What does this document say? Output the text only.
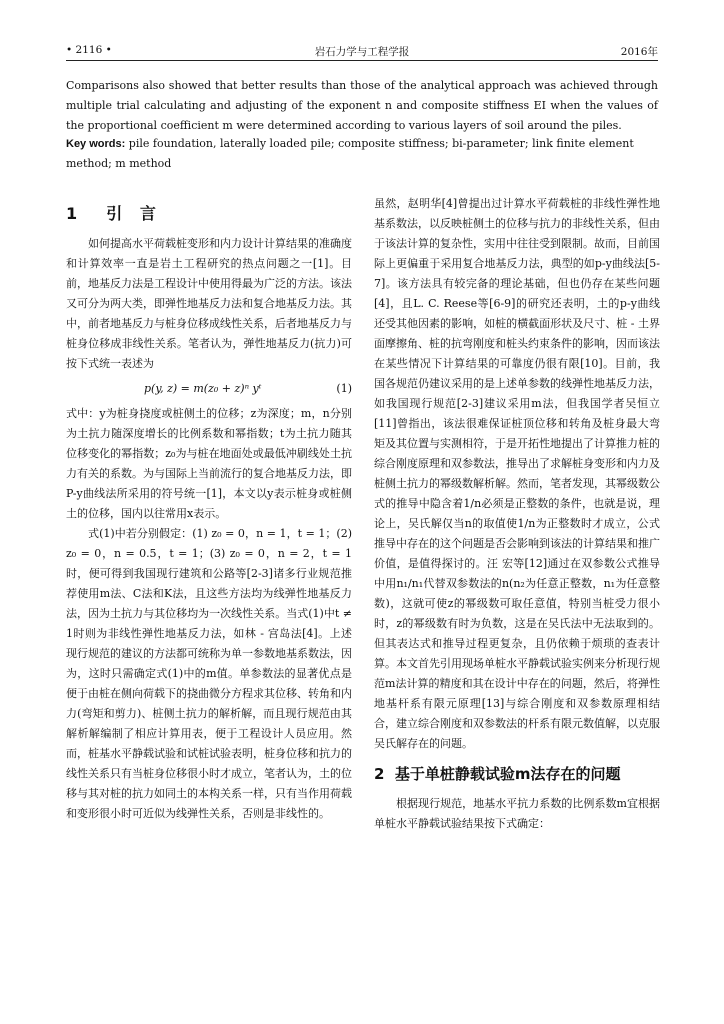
• 2116 •	岩石力学与工程学报	2016年
Comparisons also showed that better results than those of the analytical approach was achieved through multiple trial calculating and adjusting of the exponent n and composite stiffness EI when the values of the proportional coefficient m were determined according to various layers of soil around the piles.
Key words: pile foundation, laterally loaded pile; composite stiffness; bi-parameter; link finite element method; m method
1 引 言

如何提高水平荷载桩变形和内力设计计算结果的准确度和计算效率一直是岩土工程研究的热点问题之一[1]。目前，地基反力法是工程设计中使用得最为广泛的方法。该法又可分为两大类，即弹性地基反力法和复合地基反力法。其中，前者地基反力与桩身位移成线性关系，后者地基反力与桩身位移成非线性关系。笔者认为，弹性地基反力(抗力)可按下式统一表述为

p(y, z) = m(z₀ + z)ⁿ yᵗ	(1)

式中：y为桩身挠度或桩侧土的位移；z为深度；m，n分别为土抗力随深度增长的比例系数和幂指数；t为土抗力随其位移变化的幂指数；z₀为与桩在地面处或最低冲刷线处土抗力有关的系数。为与国际上当前流行的复合地基反力法，即P-y曲线法所采用的符号统一[1]，本文以y表示桩身或桩侧土的位移，国内以往常用x表示。

式(1)中若分别假定：(1) z₀ = 0，n = 1，t = 1；(2) z₀ = 0，n = 0.5，t = 1；(3) z₀ = 0，n = 2，t = 1时，便可得到我国现行建筑和公路等[2-3]诸多行业规范推荐使用m法、C法和K法，且这些方法均为线弹性地基反力法，因为土抗力与其位移均为一次线性关系。当式(1)中t ≠ 1时则为非线性弹性地基反力法，如林 - 宫岛法[4]。上述现行规范的建议的方法都可统称为单一参数地基系数法，因为，这时只需确定式(1)中的m值。单参数法的显著优点是便于由桩在侧向荷载下的挠曲微分方程求其位移、转角和内力(弯矩和剪力)、桩侧土抗力的解析解，而且现行规范由其解析解编制了相应计算用表，便于工程设计人员应用。然而，桩基水平静载试验和试桩试验表明，桩身位移和抗力的线性关系只有当桩身位移很小时才成立，笔者认为，土的位移与其对桩的抗力如同土的本构关系一样，只有当作用荷载和变形很小时可近似为线弹性关系，否则是非线性的。

虽然，赵明华[4]曾提出过计算水平荷载桩的非线性弹性地基系数法，以反映桩侧土的位移与抗力的非线性关系，但由于该法计算的复杂性，实用中往往受到限制。故而，目前国际上更偏重于采用复合地基反力法，典型的如p-y曲线法[5-7]。该方法具有较完备的理论基础，但也仍存在某些问题[4]，且L. C. Reese等[6-9]的研究还表明，土的p-y曲线还受其他因素的影响，如桩的横截面形状及尺寸、桩 - 土界面摩擦角、桩的抗弯刚度和桩头约束条件的影响，因而该法在某些情况下计算结果的可靠度仍很有限[10]。目前，我国各规范仍建议采用的是上述单参数的线弹性地基反力法，如我国现行规范[2-3]建议采用m法，但我国学者吴恒立[11]曾指出，该法很难保证桩顶位移和转角及桩身最大弯矩及其位置与实测相符，于是开拓性地提出了计算推力桩的综合刚度原理和双参数法，推导出了求解桩身变形和内力及桩侧土抗力的幂级数解析解。然而，笔者发现，其幂级数公式的推导中隐含着1/n必须是正整数的条件，也就是说，理论上，吴氏解仅当n的取值使1/n为正整数时才成立，公式推导中存在的这个问题是否会影响到该法的计算结果和推广价值，是值得探讨的。汪 宏等[12]通过在双参数公式推导中用n₁/n₁代替双参数法的n(n₂为任意正整数，n₁为任意整数)，这就可使z的幂级数可取任意值，特别当桩受力很小时，z的幂级数有时为负数，这是在吴氏法中无法取到的。但其表达式和推导过程更复杂，且仍依赖于烦琐的查表计算。本文首先引用现场单桩水平静载试验实例来分析现行规范m法计算的精度和其在设计中存在的问题，然后，将弹性地基杆系有限元原理[13]与综合刚度和双参数原理相结合，建立综合刚度和双参数法的杆系有限元数值解，以克服吴氏解存在的问题。

2 基于单桩静载试验m法存在的问题

根据现行规范，地基水平抗力系数的比例系数m宜根据单桩水平静载试验结果按下式确定：
